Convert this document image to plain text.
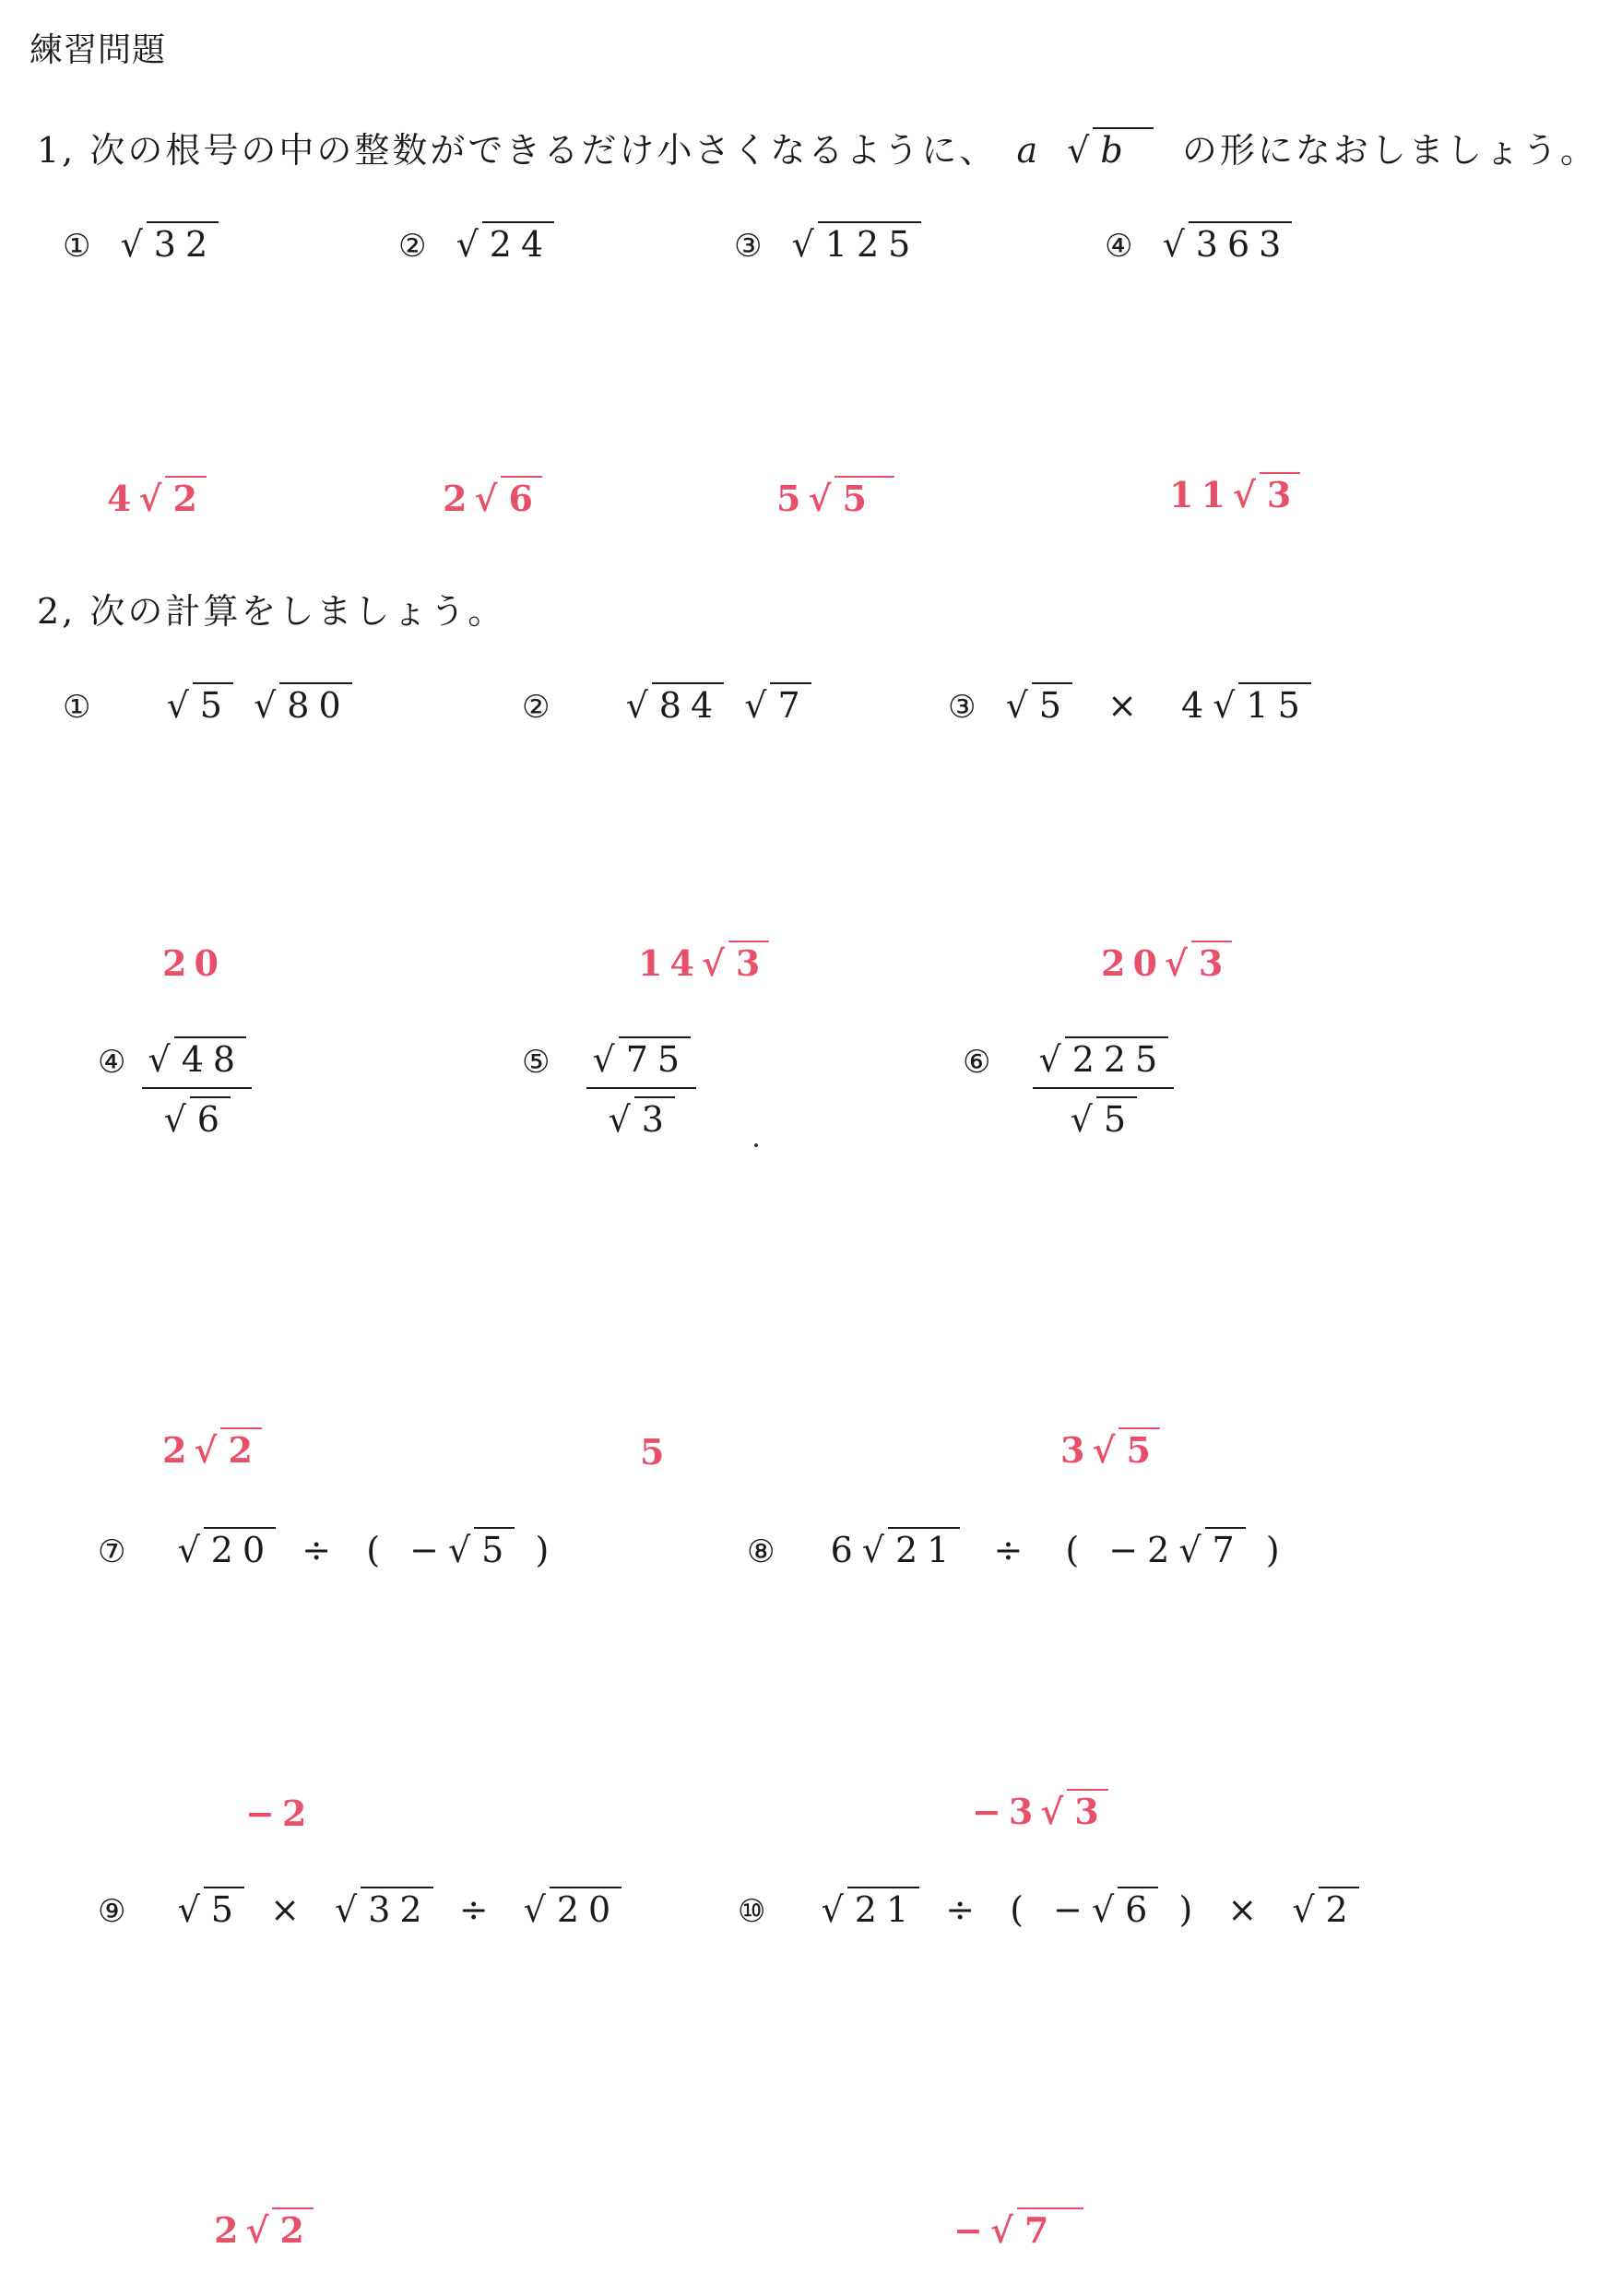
練習問題
1, 次の根号の中の整数ができるだけ小さくなるように、 a √ b の形になおしましょう。
① √ 32	② √ 24	③ √ 125	④ √ 363
4√ 2	2√ 6	5√ 5	11√ 3
2, 次の計算をしましょう。
① √ 5 √ 80	② √ 84 √ 7	③ √ 5 × 4√ 15
20	14√ 3	20√ 3
④ $\frac{√ 48}{√ 6}$	⑤ $\frac{√ 75}{√ 3}$	⑥ $\frac{√ 225}{√ 5}$
2√ 2	5	3√ 5
⑦ √ 20 ÷ ( −√ 5 )	⑧ 6√ 21 ÷ ( −2√ 7 )
−2	−3√ 3
⑨ √ 5 × √ 32 ÷ √ 20	⑩ √ 21 ÷ ( −√ 6 ) × √ 2
2√ 2	−√ 7
